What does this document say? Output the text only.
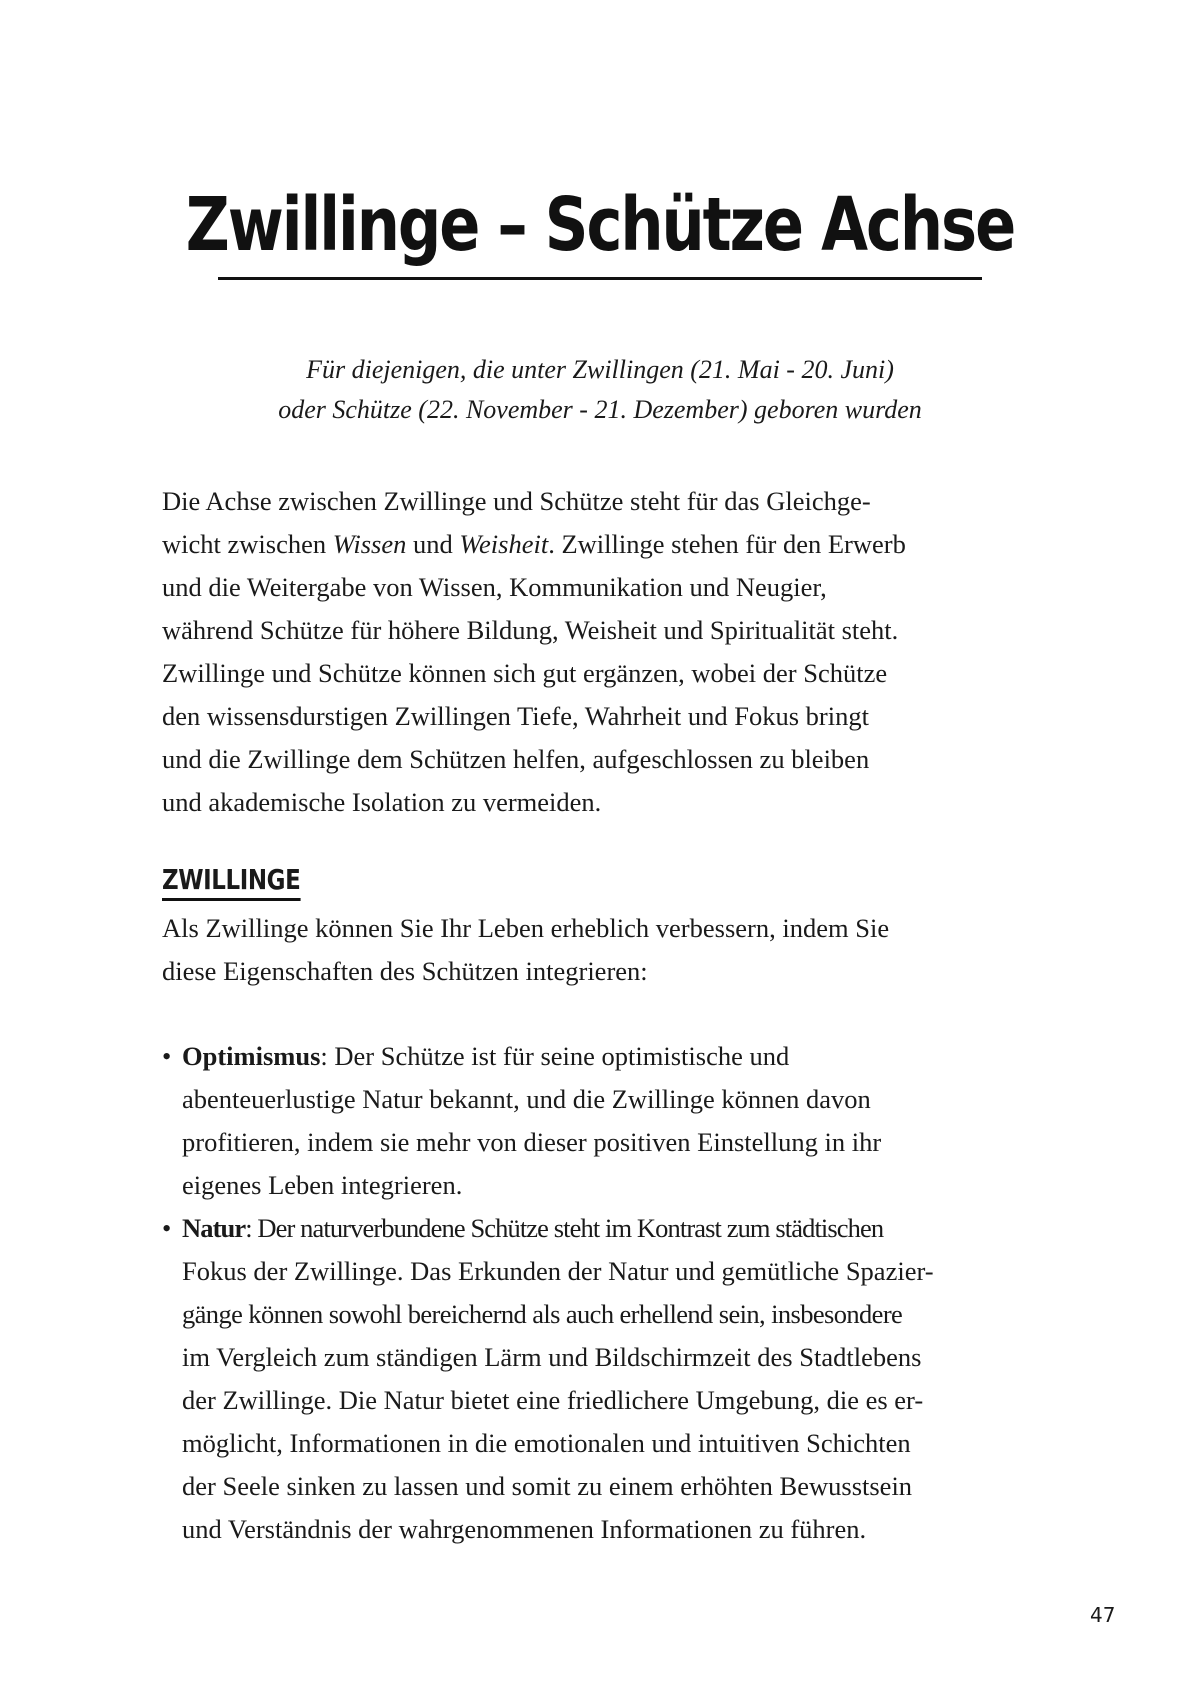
Zwillinge – Schütze Achse
Für diejenigen, die unter Zwillingen (21. Mai - 20. Juni)
oder Schütze (22. November - 21. Dezember) geboren wurden

Die Achse zwischen Zwillinge und Schütze steht für das Gleichge-
wicht zwischen Wissen und Weisheit. Zwillinge stehen für den Erwerb
und die Weitergabe von Wissen, Kommunikation und Neugier,
während Schütze für höhere Bildung, Weisheit und Spiritualität steht.
Zwillinge und Schütze können sich gut ergänzen, wobei der Schütze
den wissensdurstigen Zwillingen Tiefe, Wahrheit und Fokus bringt
und die Zwillinge dem Schützen helfen, aufgeschlossen zu bleiben
und akademische Isolation zu vermeiden.

ZWILLINGE

Als Zwillinge können Sie Ihr Leben erheblich verbessern, indem Sie
diese Eigenschaften des Schützen integrieren:

• Optimismus: Der Schütze ist für seine optimistische und
abenteuerlustige Natur bekannt, und die Zwillinge können davon
profitieren, indem sie mehr von dieser positiven Einstellung in ihr
eigenes Leben integrieren.
• Natur: Der naturverbundene Schütze steht im Kontrast zum städtischen
Fokus der Zwillinge. Das Erkunden der Natur und gemütliche Spazier-
gänge können sowohl bereichernd als auch erhellend sein, insbesondere
im Vergleich zum ständigen Lärm und Bildschirmzeit des Stadtlebens
der Zwillinge. Die Natur bietet eine friedlichere Umgebung, die es er-
möglicht, Informationen in die emotionalen und intuitiven Schichten
der Seele sinken zu lassen und somit zu einem erhöhten Bewusstsein
und Verständnis der wahrgenommenen Informationen zu führen.
47
